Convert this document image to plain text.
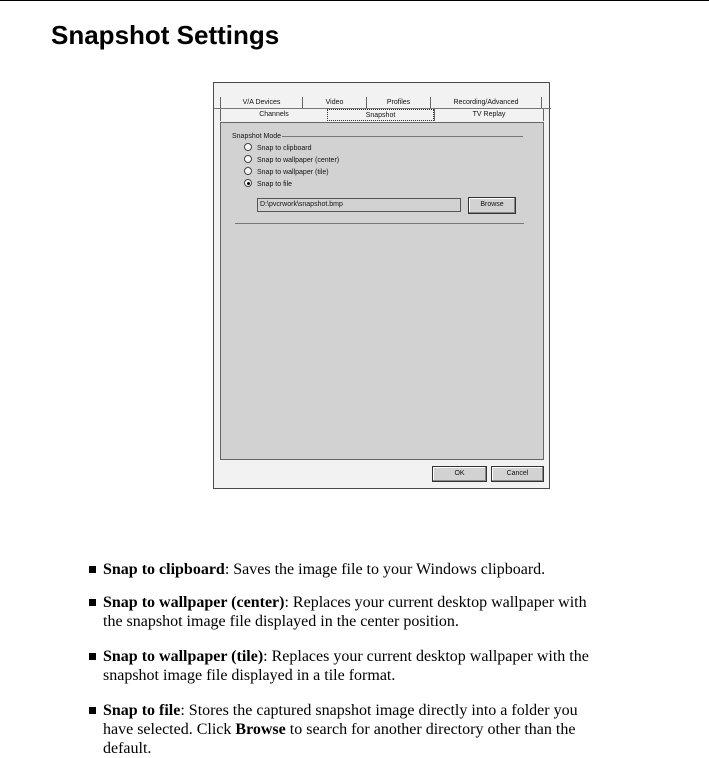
Snapshot Settings
V/A Devices	Video	Profiles	Recording/Advanced
Channels	Snapshot	TV Replay
Snapshot Mode
Snap to clipboard
Snap to wallpaper (center)
Snap to wallpaper (tile)
Snap to file
D:\pvcrwork\snapshot.bmp	Browse
OK	Cancel
Snap to clipboard: Saves the image file to your Windows clipboard.
Snap to wallpaper (center): Replaces your current desktop wallpaper with
the snapshot image file displayed in the center position.
Snap to wallpaper (tile): Replaces your current desktop wallpaper with the
snapshot image file displayed in a tile format.
Snap to file: Stores the captured snapshot image directly into a folder you
have selected. Click Browse to search for another directory other than the
default.
